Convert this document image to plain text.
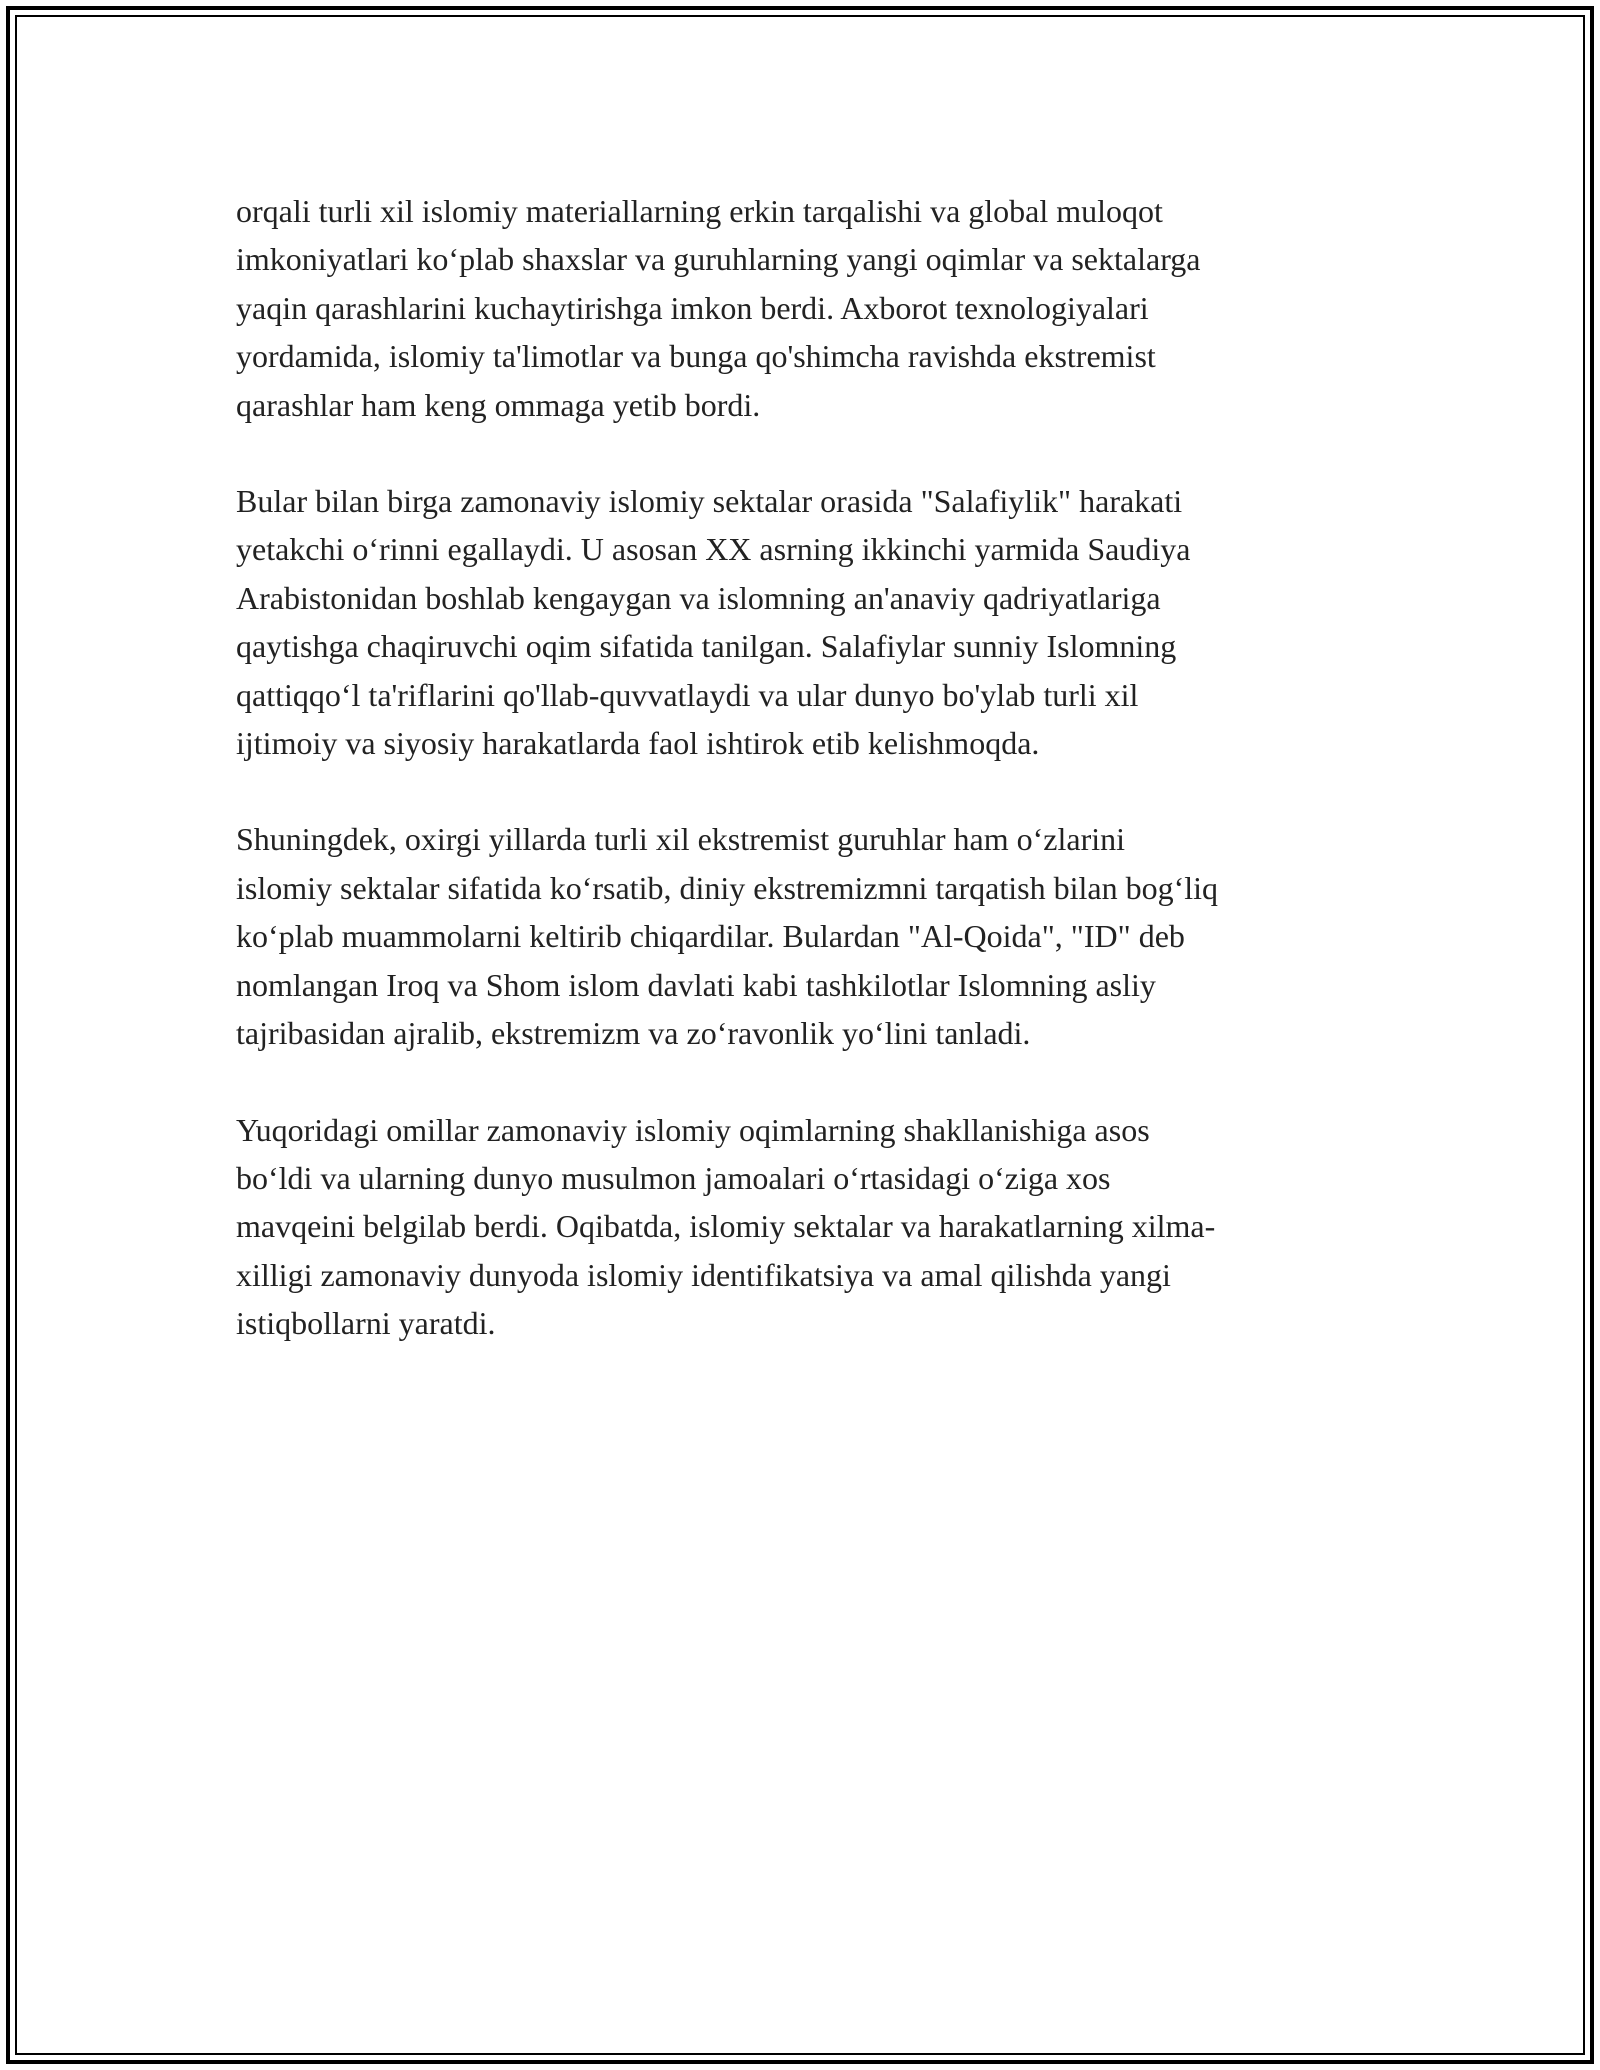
orqali turli xil islomiy materiallarning erkin tarqalishi va global muloqot
imkoniyatlari koʻplab shaxslar va guruhlarning yangi oqimlar va sektalarga
yaqin qarashlarini kuchaytirishga imkon berdi. Axborot texnologiyalari
yordamida, islomiy ta'limotlar va bunga qo'shimcha ravishda ekstremist
qarashlar ham keng ommaga yetib bordi.

Bular bilan birga zamonaviy islomiy sektalar orasida "Salafiylik" harakati
yetakchi oʻrinni egallaydi. U asosan XX asrning ikkinchi yarmida Saudiya
Arabistonidan boshlab kengaygan va islomning an'anaviy qadriyatlariga
qaytishga chaqiruvchi oqim sifatida tanilgan. Salafiylar sunniy Islomning
qattiqqoʻl ta'riflarini qo'llab-quvvatlaydi va ular dunyo bo'ylab turli xil
ijtimoiy va siyosiy harakatlarda faol ishtirok etib kelishmoqda.

Shuningdek, oxirgi yillarda turli xil ekstremist guruhlar ham oʻzlarini
islomiy sektalar sifatida koʻrsatib, diniy ekstremizmni tarqatish bilan bogʻliq
koʻplab muammolarni keltirib chiqardilar. Bulardan "Al-Qoida", "ID" deb
nomlangan Iroq va Shom islom davlati kabi tashkilotlar Islomning asliy
tajribasidan ajralib, ekstremizm va zoʻravonlik yoʻlini tanladi.

Yuqoridagi omillar zamonaviy islomiy oqimlarning shakllanishiga asos
boʻldi va ularning dunyo musulmon jamoalari oʻrtasidagi oʻziga xos
mavqeini belgilab berdi. Oqibatda, islomiy sektalar va harakatlarning xilma-
xilligi zamonaviy dunyoda islomiy identifikatsiya va amal qilishda yangi
istiqbollarni yaratdi.
